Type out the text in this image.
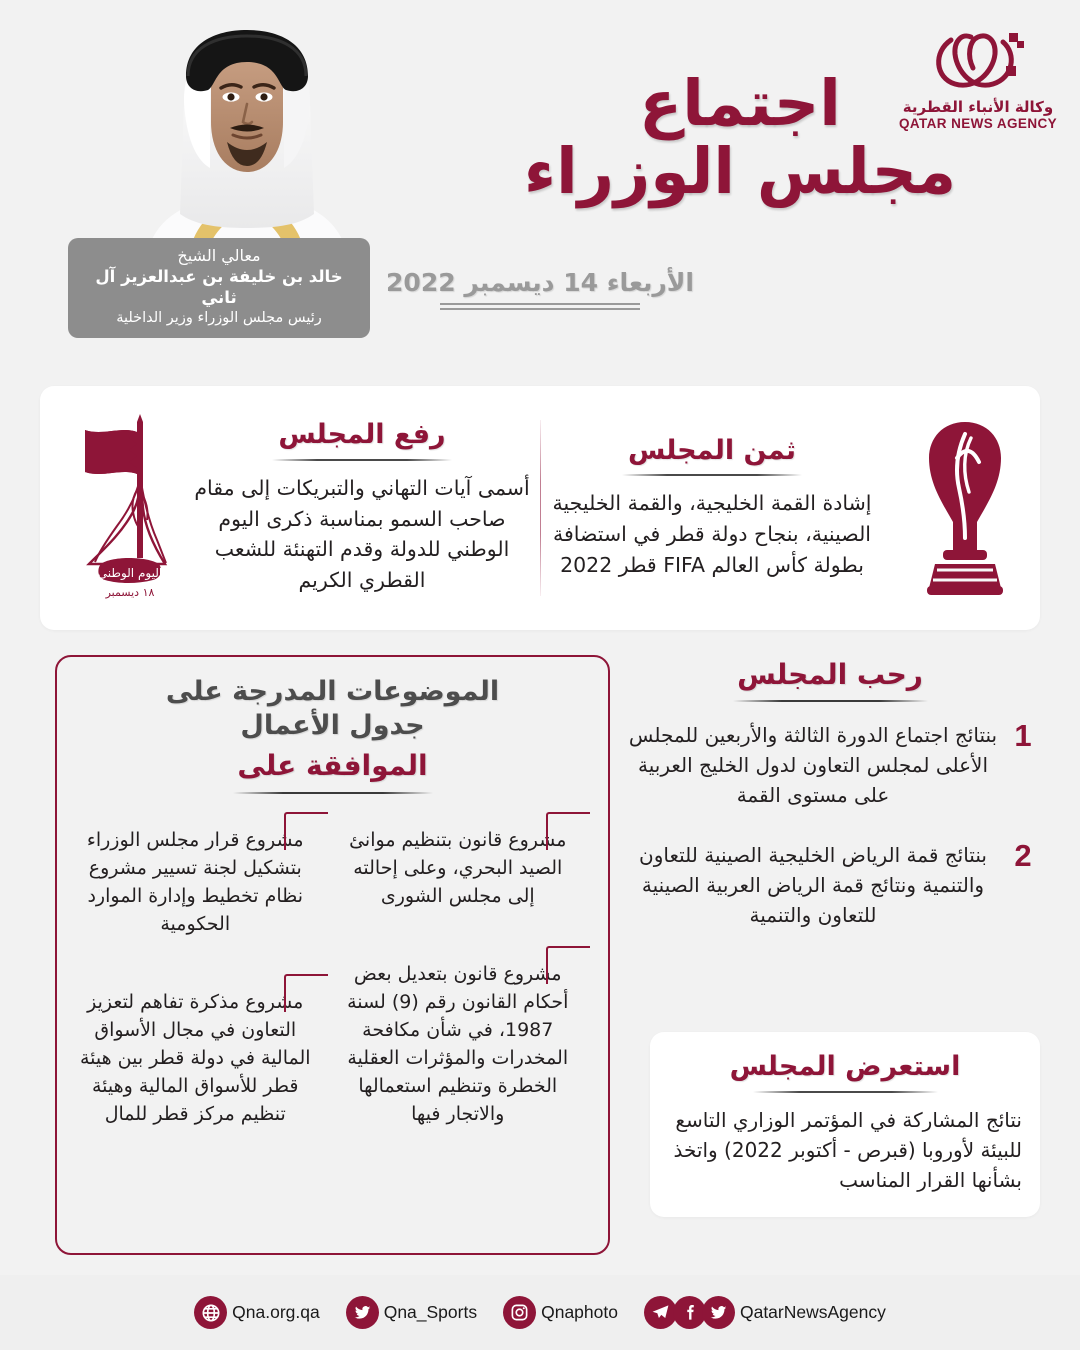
معالي الشيخ
خالد بن خليفة بن عبدالعزيز آل ثاني
رئيس مجلس الوزراء وزير الداخلية
اجتماع
مجلس الوزراء
الأربعاء 14 ديسمبر 2022
وكالة الأنباء القطرية
QATAR NEWS AGENCY
ثمن المجلس
إشادة القمة الخليجية، والقمة الخليجية الصينية، بنجاح دولة قطر في استضافة بطولة كأس العالم FIFA قطر 2022
رفع المجلس
أسمى آيات التهاني والتبريكات إلى مقام صاحب السمو بمناسبة ذكرى اليوم الوطني للدولة وقدم التهنئة للشعب القطري الكريم
اليوم الوطني
١٨ ديسمبر
الموضوعات المدرجة على
جدول الأعمال
الموافقة على
مشروع قانون بتنظيم موانئ الصيد البحري، وعلى إحالته إلى مجلس الشورى
مشروع قانون بتعديل بعض أحكام القانون رقم (9) لسنة 1987، في شأن مكافحة المخدرات والمؤثرات العقلية الخطرة وتنظيم استعمالها والاتجار فيها
مشروع قرار مجلس الوزراء بتشكيل لجنة تسيير مشروع نظام تخطيط وإدارة الموارد الحكومية
مشروع مذكرة تفاهم لتعزيز التعاون في مجال الأسواق المالية في دولة قطر بين هيئة قطر للأسواق المالية وهيئة تنظيم مركز قطر للمال
رحب المجلس
1
بنتائج اجتماع الدورة الثالثة والأربعين للمجلس الأعلى لمجلس التعاون لدول الخليج العربية على مستوى القمة
2
بنتائج قمة الرياض الخليجية الصينية للتعاون والتنمية ونتائج قمة الرياض العربية الصينية للتعاون والتنمية
استعرض المجلس
نتائج المشاركة في المؤتمر الوزاري التاسع للبيئة لأوروبا (قبرص - أكتوبر 2022) واتخذ بشأنها القرار المناسب
QatarNewsAgency
Qnaphoto
Qna_Sports
Qna.org.qa
